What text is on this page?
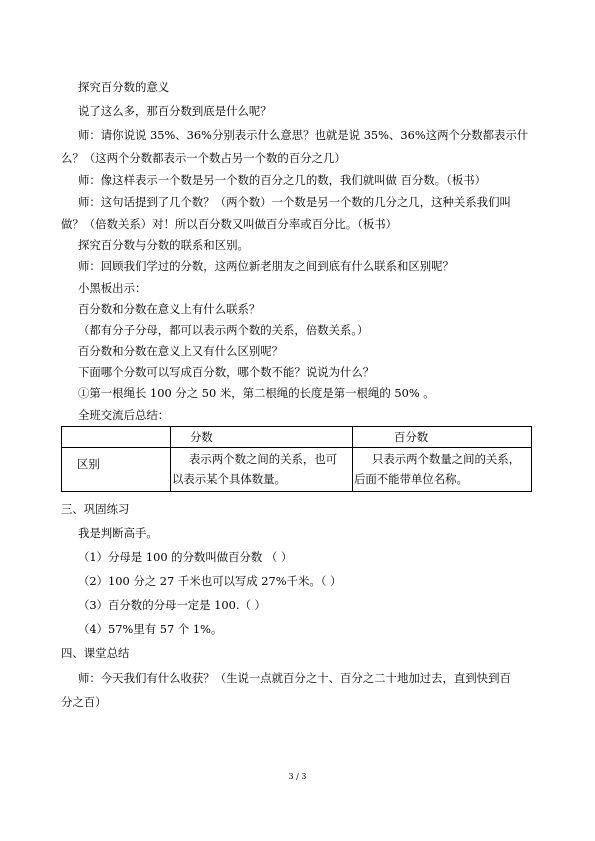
探究百分数的意义
说了这么多，那百分数到底是什么呢？
师：请你说说 35%、36%分别表示什么意思？也就是说 35%、36%这两个分数都表示什
么？（这两个分数都表示一个数占另一个数的百分之几）
师：像这样表示一个数是另一个数的百分之几的数，我们就叫做 百分数。（板书）
师：这句话提到了几个数？（两个数）一个数是另一个数的几分之几，这种关系我们叫
做？（倍数关系）对！所以百分数又叫做百分率或百分比。（板书）
探究百分数与分数的联系和区别。
师：回顾我们学过的分数，这两位新老朋友之间到底有什么联系和区别呢？
小黑板出示：
百分数和分数在意义上有什么联系？
（都有分子分母，都可以表示两个数的关系，倍数关系。）
百分数和分数在意义上又有什么区别呢？
下面哪个分数可以写成百分数，哪个数不能？说说为什么？
①第一根绳长 100 分之 50 米，第二根绳的长度是第一根绳的 50% 。
分数	百分数
区别	表示两个数之间的关系，也可
以表示某个具体数量。
只表示两个数量之间的关系，
后面不能带单位名称。
三、巩固练习
我是判断高手。
（1）分母是 100 的分数叫做百分数 （ ）
（2）100 分之 27 千米也可以写成 27%千米。（ ）
（3）百分数的分母一定是 100.（ ）
（4）57%里有 57 个 1%。
四、课堂总结
师：今天我们有什么收获？（生说一点就百分之十、百分之二十地加过去，直到快到百
分之百）
3 / 3
全班交流后总结：
